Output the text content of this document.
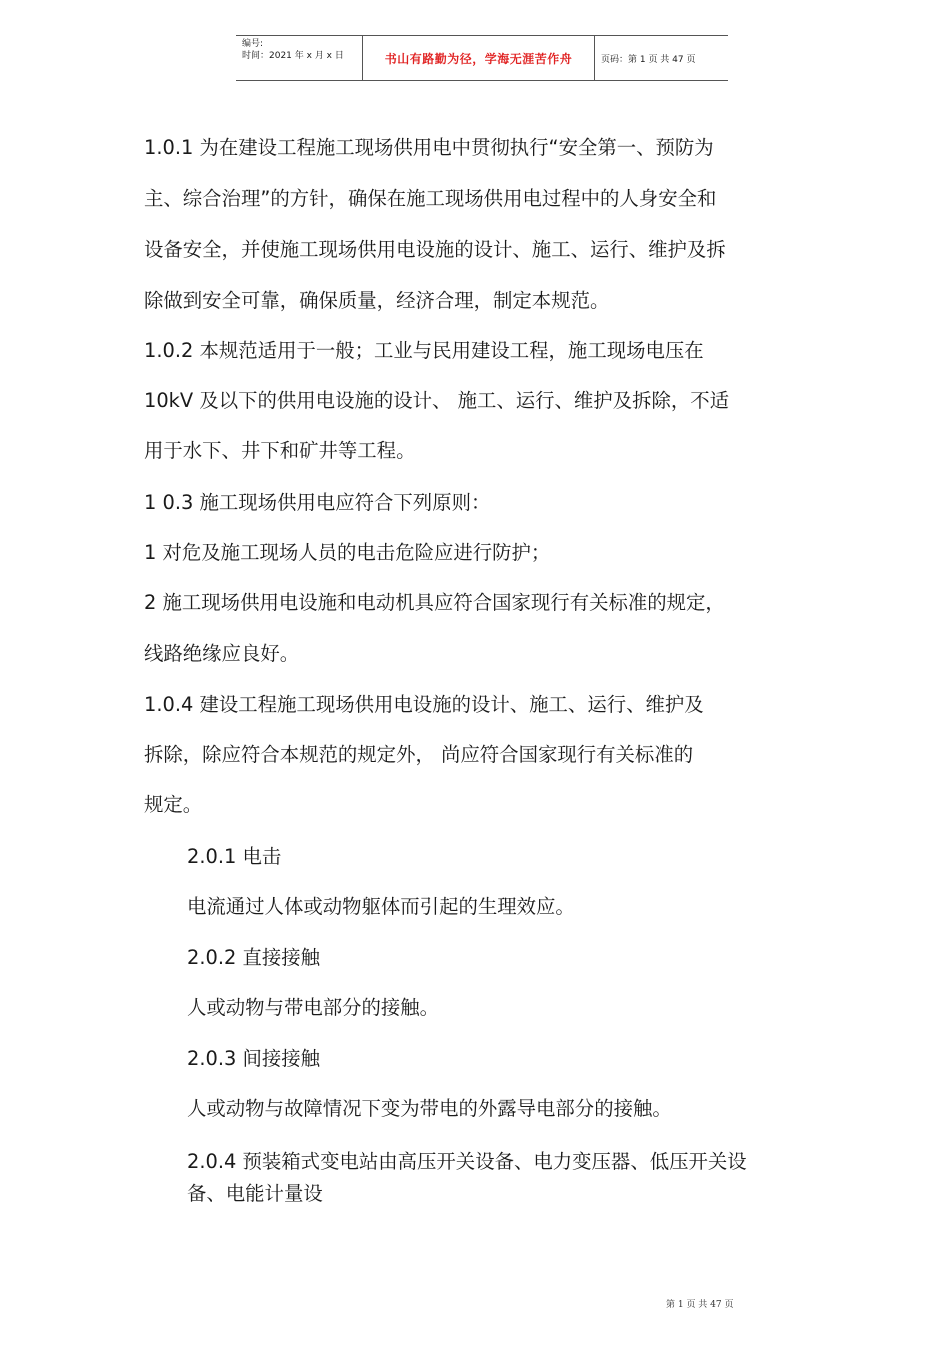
编号:
时间：2021 年 x 月 x 日	书山有路勤为径，学海无涯苦作舟	页码：第 1 页 共 47 页

1.0.1 为在建设工程施工现场供用电中贯彻执行“安全第一、预防为

主、综合治理”的方针，确保在施工现场供用电过程中的人身安全和

设备安全，并使施工现场供用电设施的设计、施工、运行、维护及拆

除做到安全可靠，确保质量，经济合理，制定本规范。

1.0.2 本规范适用于一般；工业与民用建设工程，施工现场电压在

10kV 及以下的供用电设施的设计、 施工、运行、维护及拆除，不适

用于水下、井下和矿井等工程。

1 0.3 施工现场供用电应符合下列原则：

1 对危及施工现场人员的电击危险应进行防护；

2 施工现场供用电设施和电动机具应符合国家现行有关标准的规定，

线路绝缘应良好。

1.0.4 建设工程施工现场供用电设施的设计、施工、运行、维护及

拆除，除应符合本规范的规定外， 尚应符合国家现行有关标准的

规定。

2.0.1 电击

电流通过人体或动物躯体而引起的生理效应。

2.0.2 直接接触

人或动物与带电部分的接触。

2.0.3 间接接触

人或动物与故障情况下变为带电的外露导电部分的接触。

2.0.4 预装箱式变电站由高压开关设备、电力变压器、低压开关设

备、电能计量设

第 1 页 共 47 页
